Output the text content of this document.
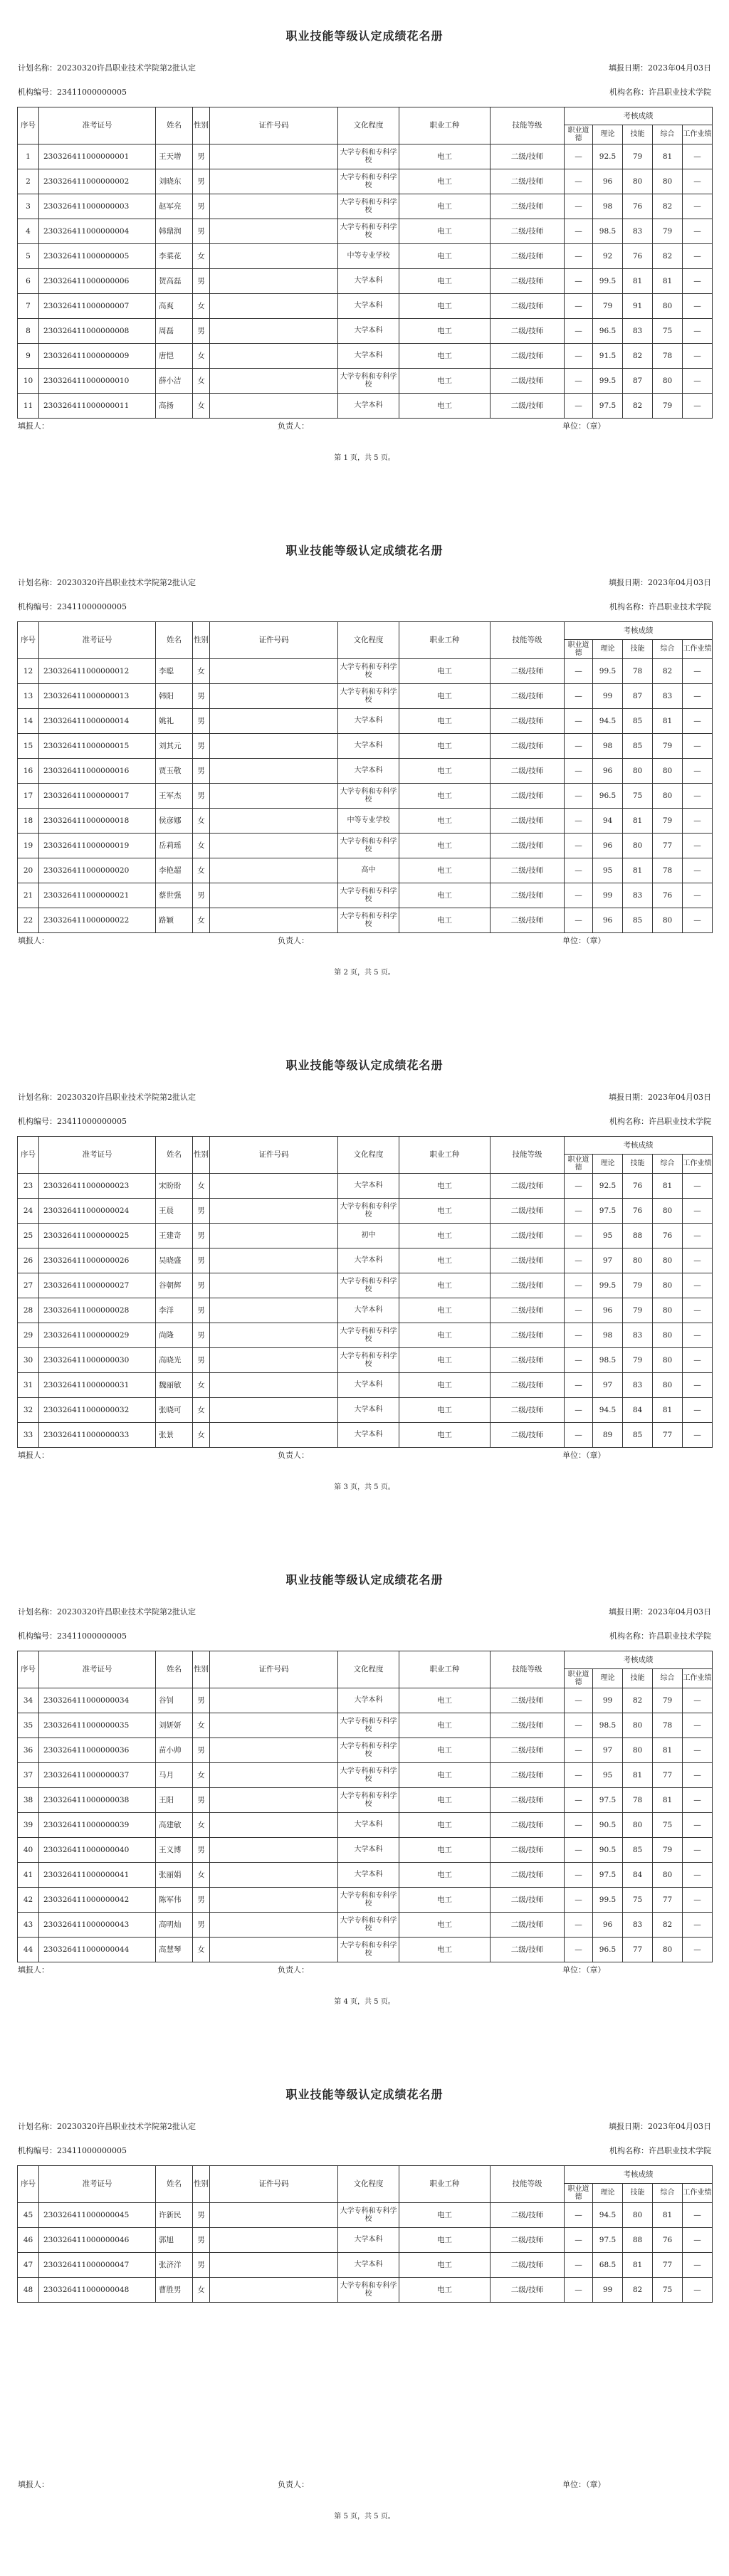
职业技能等级认定成绩花名册
计划名称：20230320许昌职业技术学院第2批认定	填报日期：2023年04月03日
机构编号：23411000000005	机构名称：许昌职业技术学院
序号	准考证号	姓名	性别	证件号码	文化程度	职业工种	技能等级	考核成绩				
								职业道德	理论	技能	综合	工作业绩
1	230326411000000001	王天增	男		大学专科和专科学校	电工	二级/技师	—	92.5	79	81	—
2	230326411000000002	刘晓东	男		大学专科和专科学校	电工	二级/技师	—	96	80	80	—
3	230326411000000003	赵军亮	男		大学专科和专科学校	电工	二级/技师	—	98	76	82	—
4	230326411000000004	韩鼎润	男		大学专科和专科学校	电工	二级/技师	—	98.5	83	79	—
5	230326411000000005	李菜花	女		中等专业学校	电工	二级/技师	—	92	76	82	—
6	230326411000000006	贺高磊	男		大学本科	电工	二级/技师	—	99.5	81	81	—
7	230326411000000007	高爽	女		大学本科	电工	二级/技师	—	79	91	80	—
8	230326411000000008	周磊	男		大学本科	电工	二级/技师	—	96.5	83	75	—
9	230326411000000009	唐恺	女		大学本科	电工	二级/技师	—	91.5	82	78	—
10	230326411000000010	薛小洁	女		大学专科和专科学校	电工	二级/技师	—	99.5	87	80	—
11	230326411000000011	高扬	女		大学本科	电工	二级/技师	—	97.5	82	79	—
填报人：	负责人：	单位：（章）
第 1 页，共 5 页。
职业技能等级认定成绩花名册
计划名称：20230320许昌职业技术学院第2批认定	填报日期：2023年04月03日
机构编号：23411000000005	机构名称：许昌职业技术学院
序号	准考证号	姓名	性别	证件号码	文化程度	职业工种	技能等级	考核成绩				
								职业道德	理论	技能	综合	工作业绩
12	230326411000000012	李聪	女		大学专科和专科学校	电工	二级/技师	—	99.5	78	82	—
13	230326411000000013	韩阳	男		大学专科和专科学校	电工	二级/技师	—	99	87	83	—
14	230326411000000014	姚礼	男		大学本科	电工	二级/技师	—	94.5	85	81	—
15	230326411000000015	刘其元	男		大学本科	电工	二级/技师	—	98	85	79	—
16	230326411000000016	贾玉敬	男		大学本科	电工	二级/技师	—	96	80	80	—
17	230326411000000017	王军杰	男		大学专科和专科学校	电工	二级/技师	—	96.5	75	80	—
18	230326411000000018	侯彦娜	女		中等专业学校	电工	二级/技师	—	94	81	79	—
19	230326411000000019	岳莉瑶	女		大学专科和专科学校	电工	二级/技师	—	96	80	77	—
20	230326411000000020	李艳超	女		高中	电工	二级/技师	—	95	81	78	—
21	230326411000000021	蔡世强	男		大学专科和专科学校	电工	二级/技师	—	99	83	76	—
22	230326411000000022	路颖	女		大学专科和专科学校	电工	二级/技师	—	96	85	80	—
填报人：	负责人：	单位：（章）
第 2 页，共 5 页。
职业技能等级认定成绩花名册
计划名称：20230320许昌职业技术学院第2批认定	填报日期：2023年04月03日
机构编号：23411000000005	机构名称：许昌职业技术学院
序号	准考证号	姓名	性别	证件号码	文化程度	职业工种	技能等级	考核成绩				
								职业道德	理论	技能	综合	工作业绩
23	230326411000000023	宋盼盼	女		大学本科	电工	二级/技师	—	92.5	76	81	—
24	230326411000000024	王晨	男		大学专科和专科学校	电工	二级/技师	—	97.5	76	80	—
25	230326411000000025	王建奇	男		初中	电工	二级/技师	—	95	88	76	—
26	230326411000000026	吴晓盛	男		大学本科	电工	二级/技师	—	97	80	80	—
27	230326411000000027	谷朝辉	男		大学专科和专科学校	电工	二级/技师	—	99.5	79	80	—
28	230326411000000028	李洋	男		大学本科	电工	二级/技师	—	96	79	80	—
29	230326411000000029	尚隆	男		大学专科和专科学校	电工	二级/技师	—	98	83	80	—
30	230326411000000030	高晓光	男		大学专科和专科学校	电工	二级/技师	—	98.5	79	80	—
31	230326411000000031	魏丽敏	女		大学本科	电工	二级/技师	—	97	83	80	—
32	230326411000000032	张晓可	女		大学本科	电工	二级/技师	—	94.5	84	81	—
33	230326411000000033	张景	女		大学本科	电工	二级/技师	—	89	85	77	—
填报人：	负责人：	单位：（章）
第 3 页，共 5 页。
职业技能等级认定成绩花名册
计划名称：20230320许昌职业技术学院第2批认定	填报日期：2023年04月03日
机构编号：23411000000005	机构名称：许昌职业技术学院
序号	准考证号	姓名	性别	证件号码	文化程度	职业工种	技能等级	考核成绩				
								职业道德	理论	技能	综合	工作业绩
34	230326411000000034	谷钊	男		大学本科	电工	二级/技师	—	99	82	79	—
35	230326411000000035	刘妍妍	女		大学专科和专科学校	电工	二级/技师	—	98.5	80	78	—
36	230326411000000036	苗小帅	男		大学专科和专科学校	电工	二级/技师	—	97	80	81	—
37	230326411000000037	马月	女		大学专科和专科学校	电工	二级/技师	—	95	81	77	—
38	230326411000000038	王阳	男		大学专科和专科学校	电工	二级/技师	—	97.5	78	81	—
39	230326411000000039	高建敏	女		大学本科	电工	二级/技师	—	90.5	80	75	—
40	230326411000000040	王义博	男		大学本科	电工	二级/技师	—	90.5	85	79	—
41	230326411000000041	张丽娟	女		大学本科	电工	二级/技师	—	97.5	84	80	—
42	230326411000000042	陈军伟	男		大学专科和专科学校	电工	二级/技师	—	99.5	75	77	—
43	230326411000000043	高明灿	男		大学专科和专科学校	电工	二级/技师	—	96	83	82	—
44	230326411000000044	高慧琴	女		大学专科和专科学校	电工	二级/技师	—	96.5	77	80	—
填报人：	负责人：	单位：（章）
第 4 页，共 5 页。
职业技能等级认定成绩花名册
计划名称：20230320许昌职业技术学院第2批认定	填报日期：2023年04月03日
机构编号：23411000000005	机构名称：许昌职业技术学院
序号	准考证号	姓名	性别	证件号码	文化程度	职业工种	技能等级	考核成绩				
								职业道德	理论	技能	综合	工作业绩
45	230326411000000045	许新民	男		大学专科和专科学校	电工	二级/技师	—	94.5	80	81	—
46	230326411000000046	郭旭	男		大学本科	电工	二级/技师	—	97.5	88	76	—
47	230326411000000047	张济洋	男		大学本科	电工	二级/技师	—	68.5	81	77	—
48	230326411000000048	曹胜男	女		大学专科和专科学校	电工	二级/技师	—	99	82	75	—
填报人：	负责人：	单位：（章）
第 5 页，共 5 页。
